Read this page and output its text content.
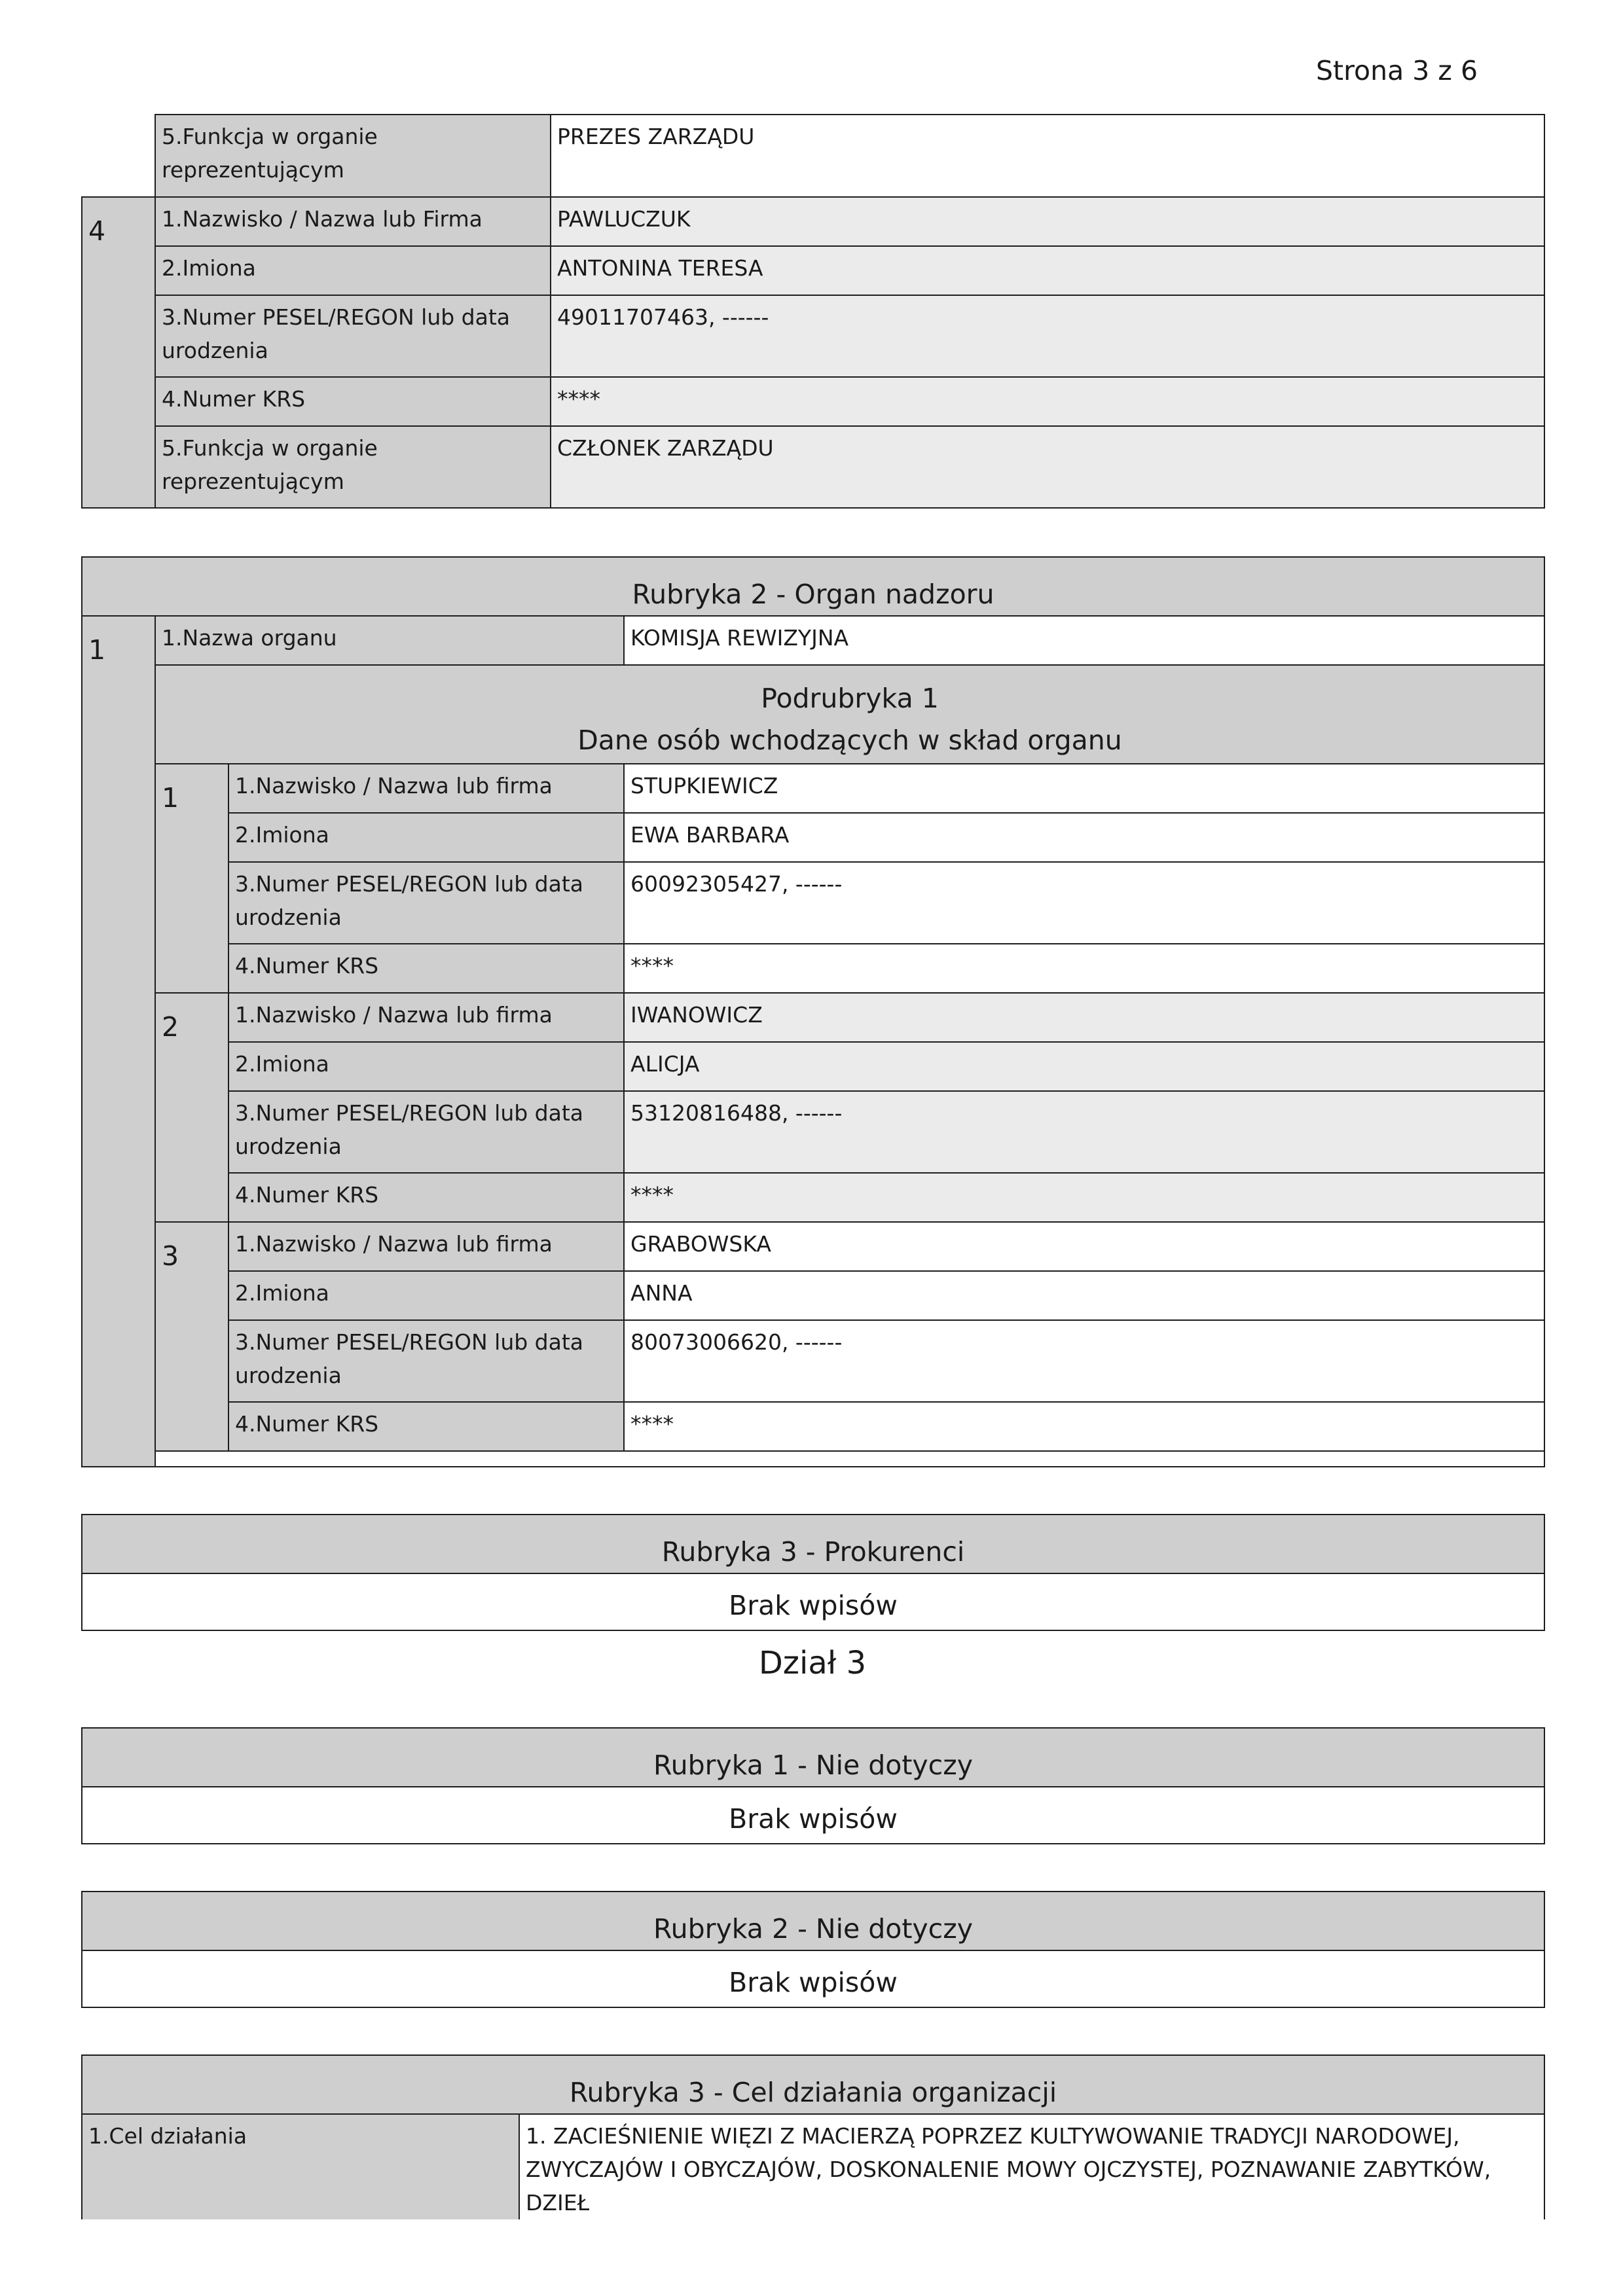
Strona 3 z 6
	5.Funkcja w organie reprezentującym	PREZES ZARZĄDU
4	1.Nazwisko / Nazwa lub Firma	PAWLUCZUK
	2.Imiona	ANTONINA TERESA
	3.Numer PESEL/REGON lub data urodzenia	49011707463, ------
	4.Numer KRS	****
	5.Funkcja w organie reprezentującym	CZŁONEK ZARZĄDU
Rubryka 2 - Organ nadzoru			
1	1.Nazwa organu		KOMISJA REWIZYJNA

	Podrubryka 1
Dane osób wchodzących w skład organu		

	1	1.Nazwisko / Nazwa lub firma	STUPKIEWICZ
		2.Imiona	EWA BARBARA
		3.Numer PESEL/REGON lub data urodzenia	60092305427, ------
		4.Numer KRS	****
	2	1.Nazwisko / Nazwa lub firma	IWANOWICZ
		2.Imiona	ALICJA
		3.Numer PESEL/REGON lub data urodzenia	53120816488, ------
		4.Numer KRS	****
	3	1.Nazwisko / Nazwa lub firma	GRABOWSKA
		2.Imiona	ANNA
		3.Numer PESEL/REGON lub data urodzenia	80073006620, ------
		4.Numer KRS	****

Rubryka 3 - Prokurenci
Brak wpisów
Dział 3
Rubryka 1 - Nie dotyczy
Brak wpisów
Rubryka 2 - Nie dotyczy
Brak wpisów
Rubryka 3 - Cel działania organizacji
1.Cel działania	1. ZACIEŚNIENIE WIĘZI Z MACIERZĄ POPRZEZ KULTYWOWANIE TRADYCJI NARODOWEJ, ZWYCZAJÓW I OBYCZAJÓW, DOSKONALENIE MOWY OJCZYSTEJ, POZNAWANIE ZABYTKÓW, DZIEŁ
